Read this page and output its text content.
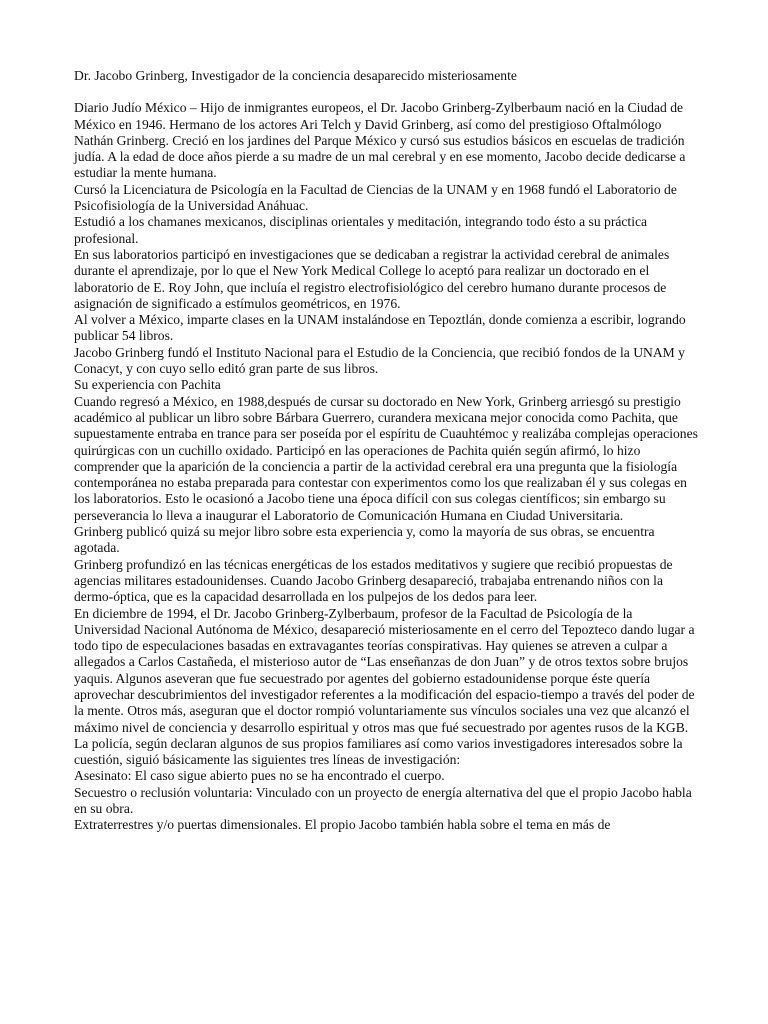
Dr. Jacobo Grinberg, Investigador de la conciencia desaparecido misteriosamente

Diario Judío México – Hijo de inmigrantes europeos, el Dr. Jacobo Grinberg-Zylberbaum nació en la Ciudad de México en 1946. Hermano de los actores Ari Telch y David Grinberg, así como del prestigioso Oftalmólogo Nathán Grinberg. Creció en los jardines del Parque México y cursó sus estudios básicos en escuelas de tradición judía. A la edad de doce años pierde a su madre de un mal cerebral y en ese momento, Jacobo decide dedicarse a estudiar la mente humana.

Cursó la Licenciatura de Psicología en la Facultad de Ciencias de la UNAM y en 1968 fundó el Laboratorio de Psicofisiología de la Universidad Anáhuac.

Estudió a los chamanes mexicanos, disciplinas orientales y meditación, integrando todo ésto a su práctica profesional.

En sus laboratorios participó en investigaciones que se dedicaban a registrar la actividad cerebral de animales durante el aprendizaje, por lo que el New York Medical College lo aceptó para realizar un doctorado en el laboratorio de E. Roy John, que incluía el registro electrofisiológico del cerebro humano durante procesos de asignación de significado a estímulos geométricos, en 1976.

Al volver a México, imparte clases en la UNAM instalándose en Tepoztlán, donde comienza a escribir, logrando publicar 54 libros.

Jacobo Grinberg fundó el Instituto Nacional para el Estudio de la Conciencia, que recibió fondos de la UNAM y Conacyt, y con cuyo sello editó gran parte de sus libros.

Su experiencia con Pachita

Cuando regresó a México, en 1988,después de cursar su doctorado en New York, Grinberg arriesgó su prestigio académico al publicar un libro sobre Bárbara Guerrero, curandera mexicana mejor conocida como Pachita, que supuestamente entraba en trance para ser poseída por el espíritu de Cuauhtémoc y realizába complejas operaciones quirúrgicas con un cuchillo oxidado. Participó en las operaciones de Pachita quién según afirmó, lo hizo comprender que la aparición de la conciencia a partir de la actividad cerebral era una pregunta que la fisiología contemporánea no estaba preparada para contestar con experimentos como los que realizaban él y sus colegas en los laboratorios. Esto le ocasionó a Jacobo tiene una época difícil con sus colegas científicos; sin embargo su perseverancia lo lleva a inaugurar el Laboratorio de Comunicación Humana en Ciudad Universitaria.

Grinberg publicó quizá su mejor libro sobre esta experiencia y, como la mayoría de sus obras, se encuentra agotada.

Grinberg profundizó en las técnicas energéticas de los estados meditativos y sugiere que recibió propuestas de agencias militares estadounidenses. Cuando Jacobo Grinberg desapareció, trabajaba entrenando niños con la dermo-óptica, que es la capacidad desarrollada en los pulpejos de los dedos para leer.

En diciembre de 1994, el Dr. Jacobo Grinberg-Zylberbaum, profesor de la Facultad de Psicología de la Universidad Nacional Autónoma de México, desapareció misteriosamente en el cerro del Tepozteco dando lugar a todo tipo de especulaciones basadas en extravagantes teorías conspirativas. Hay quienes se atreven a culpar a allegados a Carlos Castañeda, el misterioso autor de “Las enseñanzas de don Juan” y de otros textos sobre brujos yaquis. Algunos aseveran que fue secuestrado por agentes del gobierno estadounidense porque éste quería aprovechar descubrimientos del investigador referentes a la modificación del espacio-tiempo a través del poder de la mente. Otros más, aseguran que el doctor rompió voluntariamente sus vínculos sociales una vez que alcanzó el máximo nivel de conciencia y desarrollo espiritual y otros mas que fué secuestrado por agentes rusos de la KGB.

La policía, según declaran algunos de sus propios familiares así como varios investigadores interesados sobre la cuestión, siguió básicamente las siguientes tres líneas de investigación:

Asesinato: El caso sigue abierto pues no se ha encontrado el cuerpo.

Secuestro o reclusión voluntaria: Vinculado con un proyecto de energía alternativa del que el propio Jacobo habla en su obra.

Extraterrestres y/o puertas dimensionales. El propio Jacobo también habla sobre el tema en más de
